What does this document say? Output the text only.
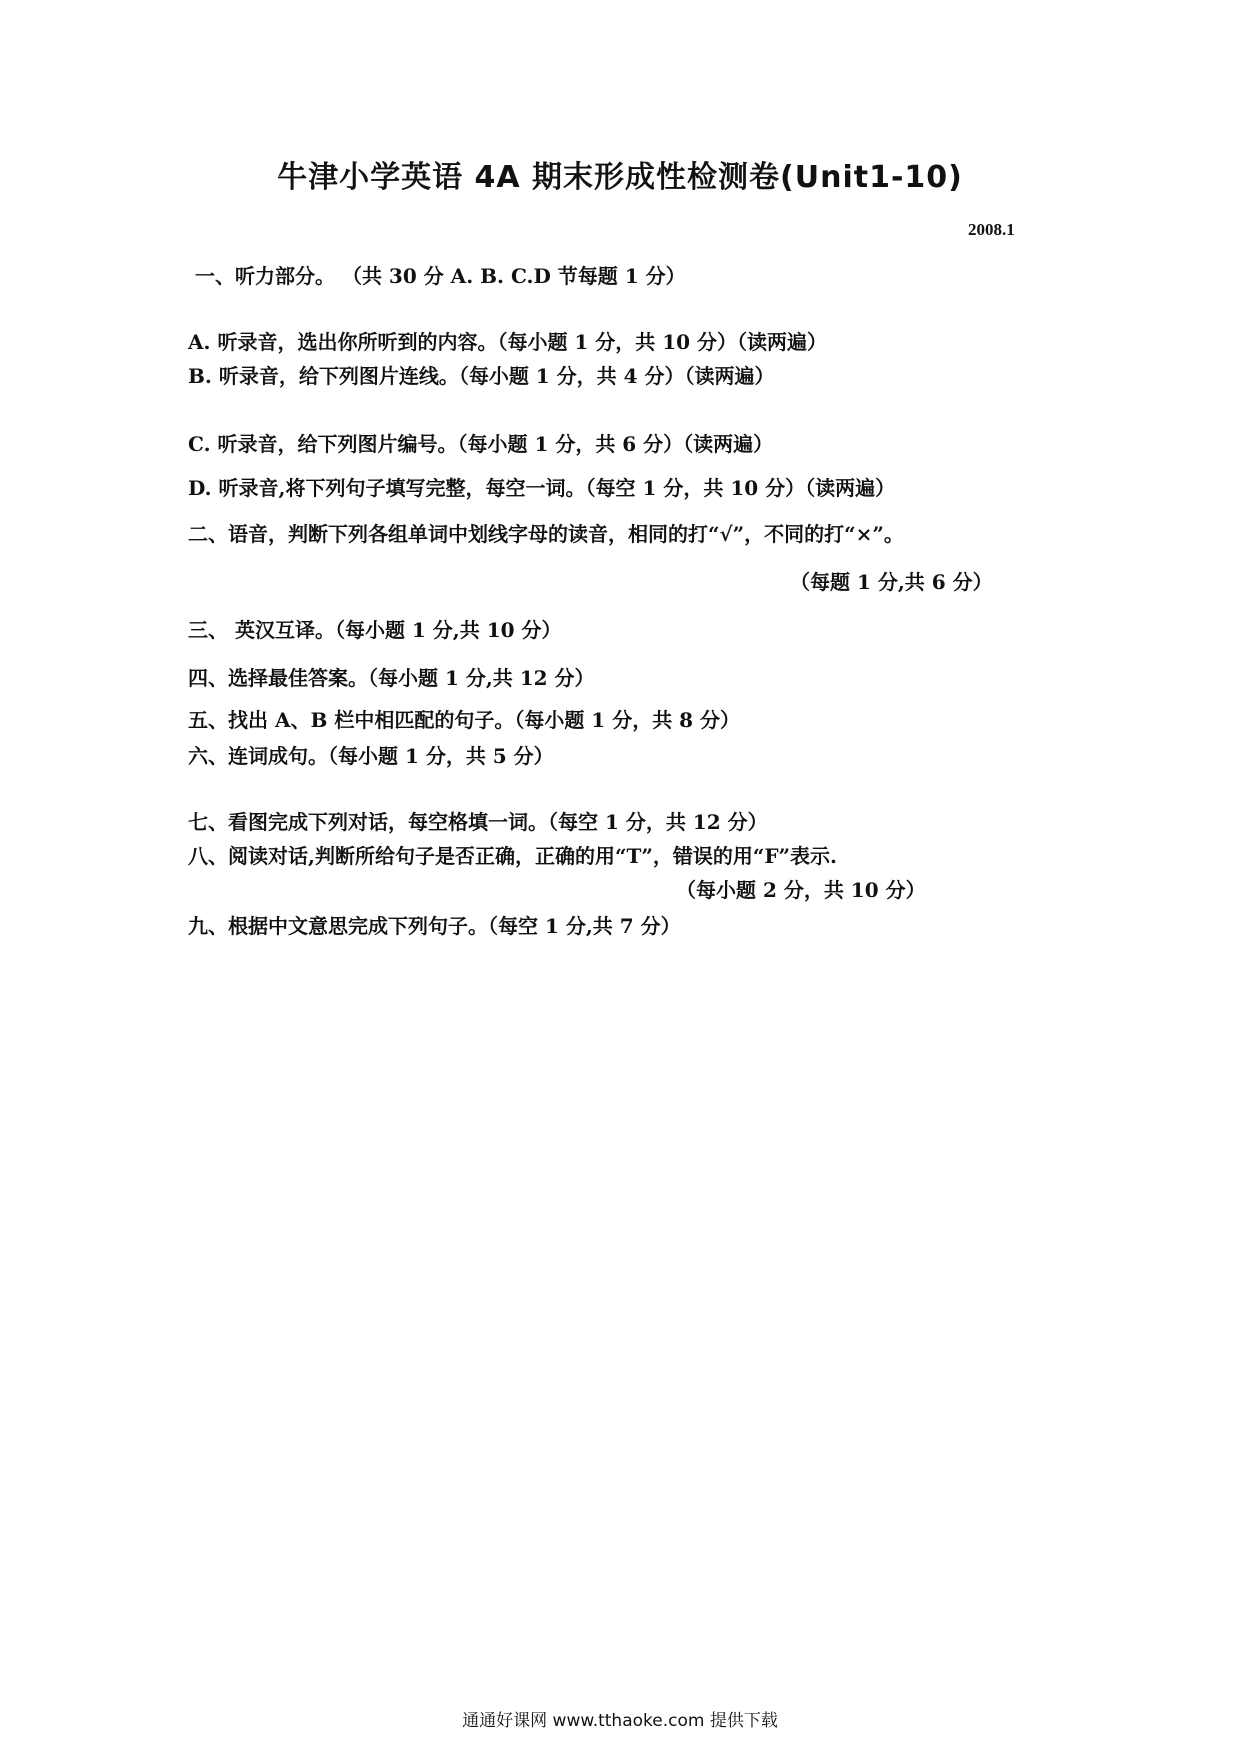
牛津小学英语 4A 期末形成性检测卷(Unit1-10)
2008.1
一、听力部分。 （共 30 分 A. B. C.D 节每题 1 分）
A. 听录音，选出你所听到的内容。（每小题 1 分，共 10 分）（读两遍）
B. 听录音，给下列图片连线。（每小题 1 分，共 4 分）（读两遍）
C. 听录音，给下列图片编号。（每小题 1 分，共 6 分）（读两遍）
D. 听录音,将下列句子填写完整，每空一词。（每空 1 分，共 10 分）（读两遍）
二、语音，判断下列各组单词中划线字母的读音，相同的打“√”，不同的打“×”。
（每题 1 分,共 6 分）
三、 英汉互译。（每小题 1 分,共 10 分）
四、选择最佳答案。（每小题 1 分,共 12 分）
五、找出 A、B 栏中相匹配的句子。（每小题 1 分，共 8 分）
六、连词成句。（每小题 1 分，共 5 分）
七、看图完成下列对话，每空格填一词。（每空 1 分，共 12 分）
八、阅读对话,判断所给句子是否正确，正确的用“T”，错误的用“F”表示.
（每小题 2 分，共 10 分）
九、根据中文意思完成下列句子。（每空 1 分,共 7 分）
通通好课网 www.tthaoke.com 提供下载
